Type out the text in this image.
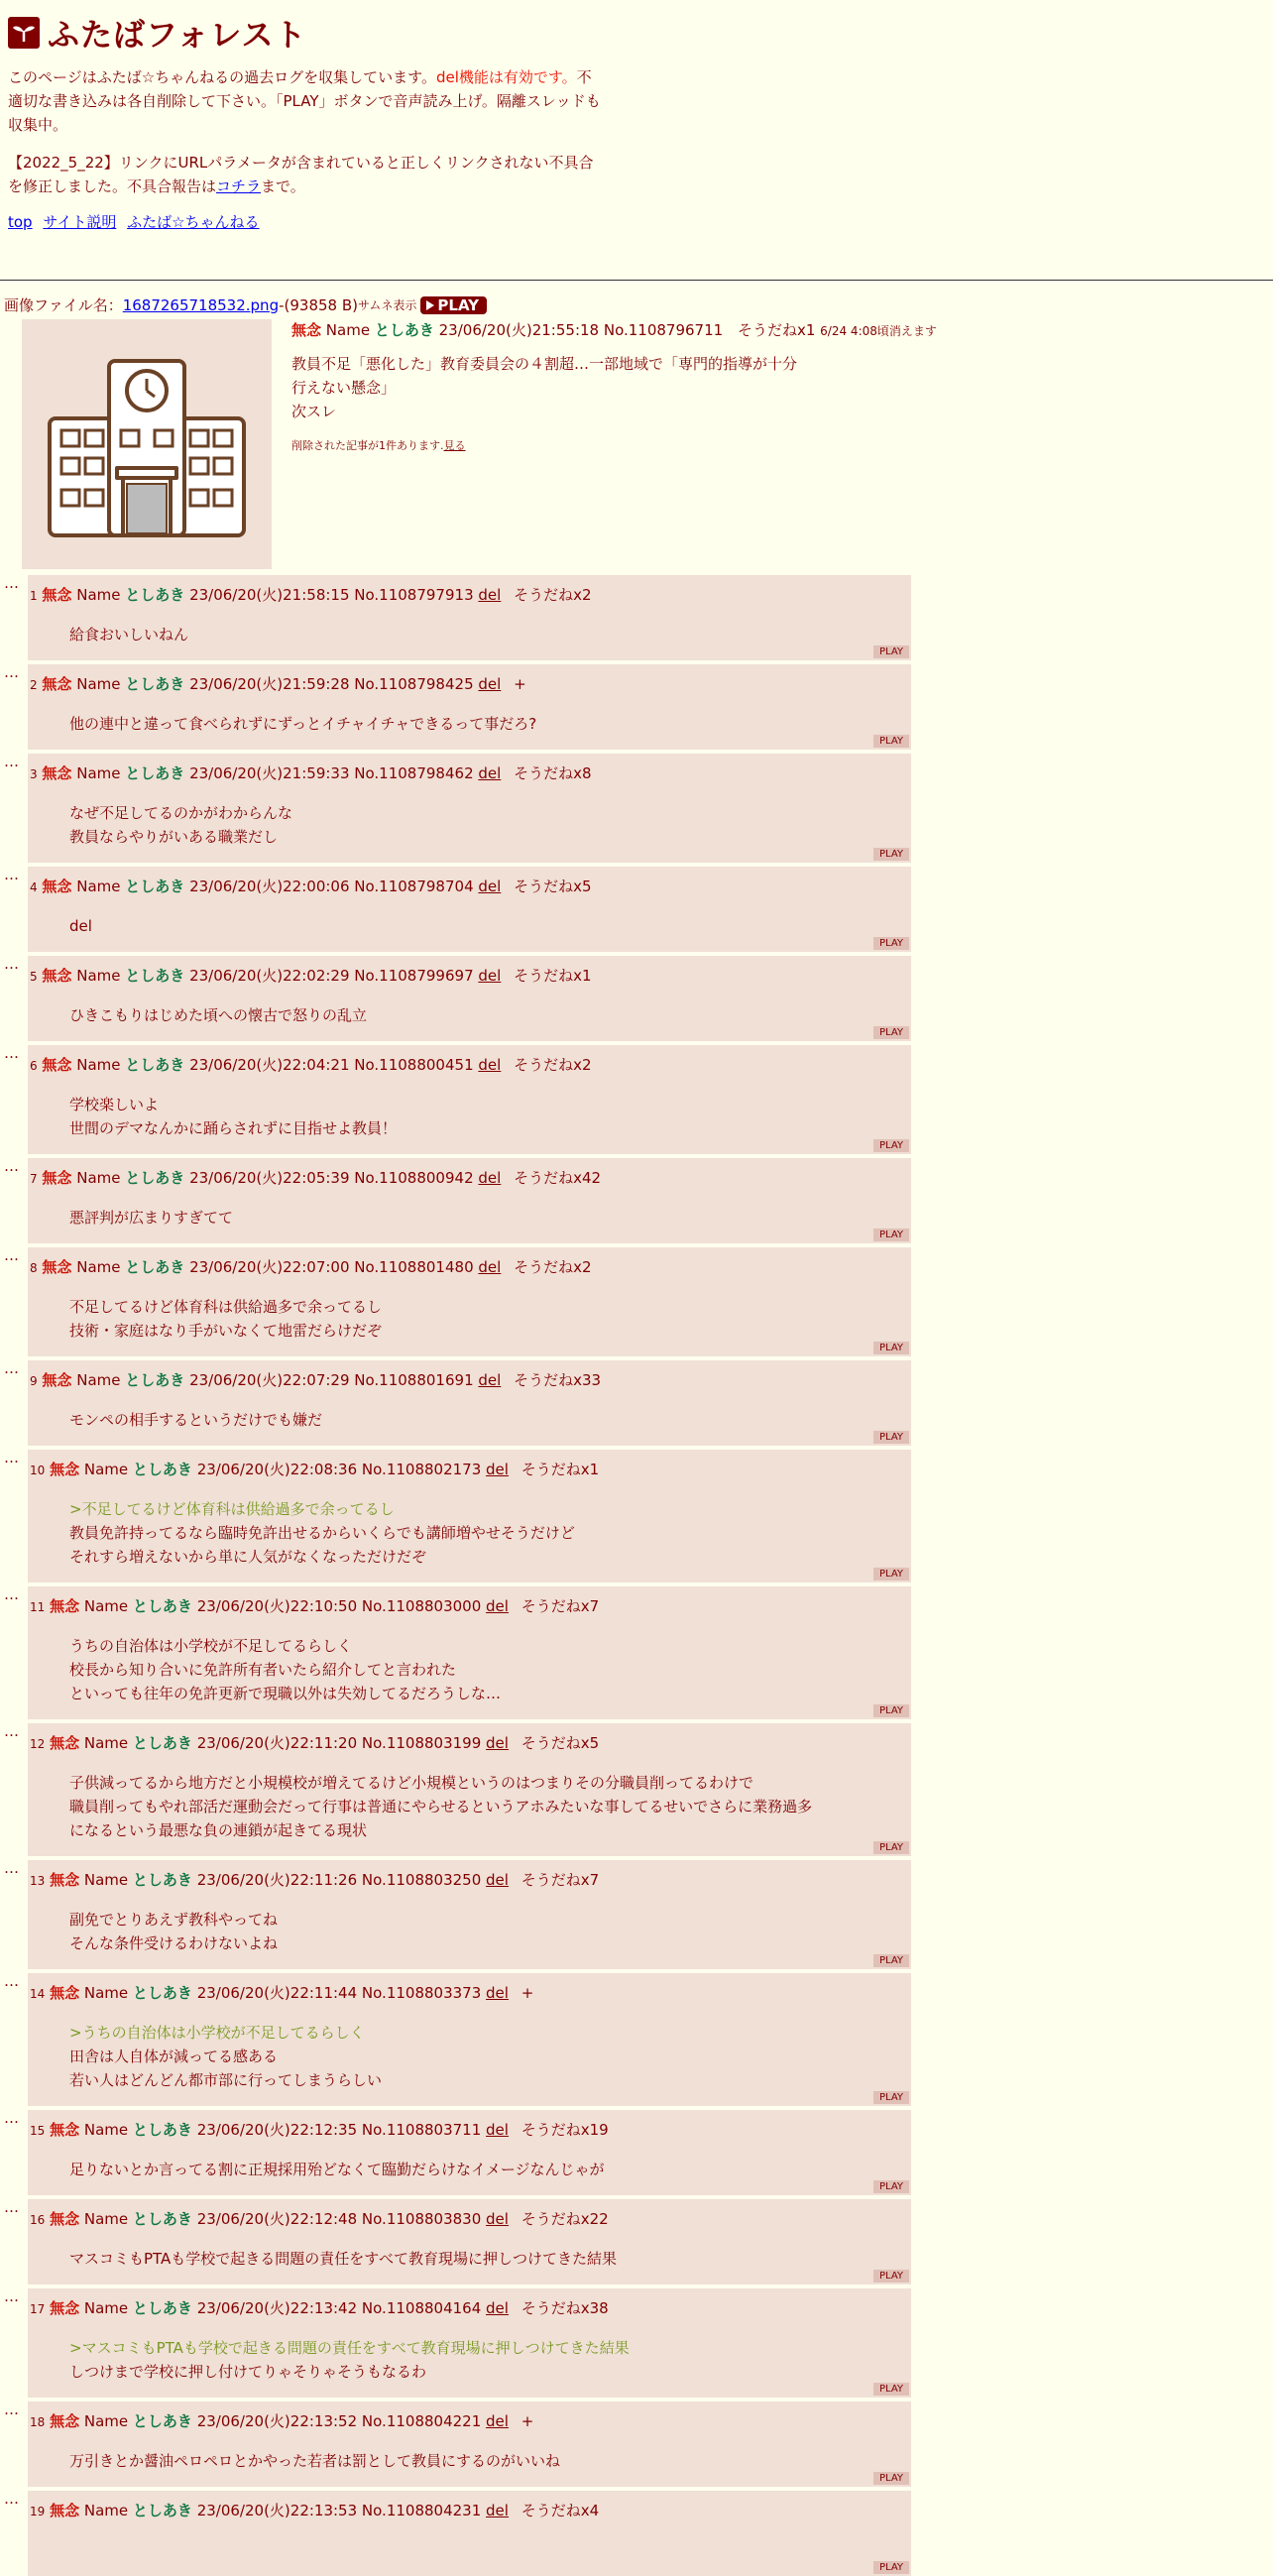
ふたばフォレスト

このページはふたば☆ちゃんねるの過去ログを収集しています。del機能は有効です。不適切な書き込みは各自削除して下さい。「PLAY」ボタンで音声読み上げ。隔離スレッドも収集中。

【2022_5_22】リンクにURLパラメータが含まれていると正しくリンクされない不具合を修正しました。不具合報告はコチラまで。

top サイト説明 ふたば☆ちゃんねる
画像ファイル名： 1687265718532.png -(93858 B) サムネ表示 PLAY
無念 Name としあき 23/06/20(火)21:55:18 No.1108796711 そうだねx1 6/24 4:08頃消えます
教員不足「悪化した」教育委員会の４割超…一部地域で「専門的指導が十分
行えない懸念」
次スレ

削除された記事が1件あります.見る

…
1 無念 Name としあき 23/06/20(火)21:58:15 No.1108797913 del そうだねx2
給食おいしいねん
PLAY
…
2 無念 Name としあき 23/06/20(火)21:59:28 No.1108798425 del +
他の連中と違って食べられずにずっとイチャイチャできるって事だろ?
PLAY
…
3 無念 Name としあき 23/06/20(火)21:59:33 No.1108798462 del そうだねx8
なぜ不足してるのかがわからんな
教員ならやりがいある職業だし
PLAY
…
4 無念 Name としあき 23/06/20(火)22:00:06 No.1108798704 del そうだねx5
del
PLAY
…
5 無念 Name としあき 23/06/20(火)22:02:29 No.1108799697 del そうだねx1
ひきこもりはじめた頃への懐古で怒りの乱立
PLAY
…
6 無念 Name としあき 23/06/20(火)22:04:21 No.1108800451 del そうだねx2
学校楽しいよ
世間のデマなんかに踊らされずに目指せよ教員！
PLAY
…
7 無念 Name としあき 23/06/20(火)22:05:39 No.1108800942 del そうだねx42
悪評判が広まりすぎてて
PLAY
…
8 無念 Name としあき 23/06/20(火)22:07:00 No.1108801480 del そうだねx2
不足してるけど体育科は供給過多で余ってるし
技術・家庭はなり手がいなくて地雷だらけだぞ
PLAY
…
9 無念 Name としあき 23/06/20(火)22:07:29 No.1108801691 del そうだねx33
モンペの相手するというだけでも嫌だ
PLAY
…
10 無念 Name としあき 23/06/20(火)22:08:36 No.1108802173 del そうだねx1
>不足してるけど体育科は供給過多で余ってるし
教員免許持ってるなら臨時免許出せるからいくらでも講師増やせそうだけど
それすら増えないから単に人気がなくなっただけだぞ
PLAY
…
11 無念 Name としあき 23/06/20(火)22:10:50 No.1108803000 del そうだねx7
うちの自治体は小学校が不足してるらしく
校長から知り合いに免許所有者いたら紹介してと言われた
といっても往年の免許更新で現職以外は失効してるだろうしな…
PLAY
…
12 無念 Name としあき 23/06/20(火)22:11:20 No.1108803199 del そうだねx5
子供減ってるから地方だと小規模校が増えてるけど小規模というのはつまりその分職員削ってるわけで
職員削ってもやれ部活だ運動会だって行事は普通にやらせるというアホみたいな事してるせいでさらに業務過多
になるという最悪な負の連鎖が起きてる現状
PLAY
…
13 無念 Name としあき 23/06/20(火)22:11:26 No.1108803250 del そうだねx7
副免でとりあえず教科やってね
そんな条件受けるわけないよね
PLAY
…
14 無念 Name としあき 23/06/20(火)22:11:44 No.1108803373 del +
>うちの自治体は小学校が不足してるらしく
田舎は人自体が減ってる感ある
若い人はどんどん都市部に行ってしまうらしい
PLAY
…
15 無念 Name としあき 23/06/20(火)22:12:35 No.1108803711 del そうだねx19
足りないとか言ってる割に正規採用殆どなくて臨勤だらけなイメージなんじゃが
PLAY
…
16 無念 Name としあき 23/06/20(火)22:12:48 No.1108803830 del そうだねx22
マスコミもPTAも学校で起きる問題の責任をすべて教育現場に押しつけてきた結果
PLAY
…
17 無念 Name としあき 23/06/20(火)22:13:42 No.1108804164 del そうだねx38
>マスコミもPTAも学校で起きる問題の責任をすべて教育現場に押しつけてきた結果
しつけまで学校に押し付けてりゃそりゃそうもなるわ
PLAY
…
18 無念 Name としあき 23/06/20(火)22:13:52 No.1108804221 del +
万引きとか醤油ペロペロとかやった若者は罰として教員にするのがいいね
PLAY
…
19 無念 Name としあき 23/06/20(火)22:13:53 No.1108804231 del そうだねx4
PLAY
